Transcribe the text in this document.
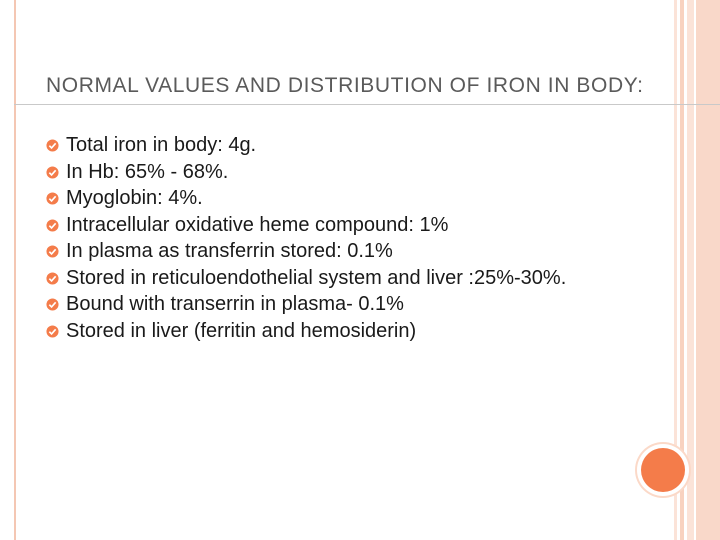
NORMAL VALUES AND DISTRIBUTION OF IRON IN BODY:
Total iron in body: 4g.
In Hb: 65% - 68%.
Myoglobin: 4%.
Intracellular oxidative heme compound: 1%
In plasma as transferrin stored: 0.1%
Stored in reticuloendothelial system and liver :25%-30%.
Bound with transerrin in plasma- 0.1%
Stored in liver (ferritin and hemosiderin)
